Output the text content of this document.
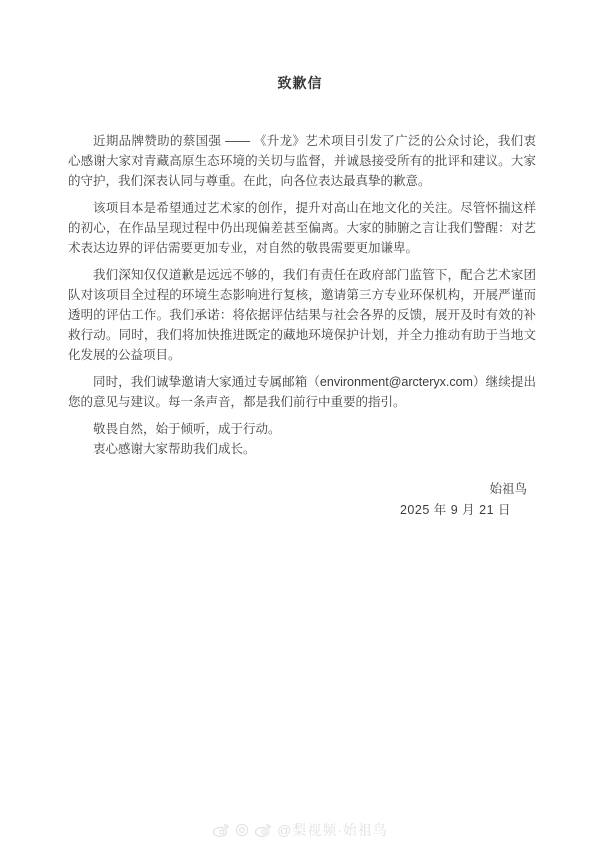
致歉信

近期品牌赞助的蔡国强 —— 《升龙》艺术项目引发了广泛的公众讨论，我们衷心感谢大家对青藏高原生态环境的关切与监督，并诚恳接受所有的批评和建议。大家的守护，我们深表认同与尊重。在此，向各位表达最真挚的歉意。

该项目本是希望通过艺术家的创作，提升对高山在地文化的关注。尽管怀揣这样的初心，在作品呈现过程中仍出现偏差甚至偏离。大家的肺腑之言让我们警醒：对艺术表达边界的评估需要更加专业，对自然的敬畏需要更加谦卑。

我们深知仅仅道歉是远远不够的，我们有责任在政府部门监管下，配合艺术家团队对该项目全过程的环境生态影响进行复核，邀请第三方专业环保机构，开展严谨而透明的评估工作。我们承诺：将依据评估结果与社会各界的反馈，展开及时有效的补救行动。同时，我们将加快推进既定的藏地环境保护计划，并全力推动有助于当地文化发展的公益项目。

同时，我们诚挚邀请大家通过专属邮箱（environment@arcteryx.com）继续提出您的意见与建议。每一条声音，都是我们前行中重要的指引。

敬畏自然，始于倾听，成于行动。
衷心感谢大家帮助我们成长。
始祖鸟
2025 年 9 月 21 日
@梨视频·始祖鸟
